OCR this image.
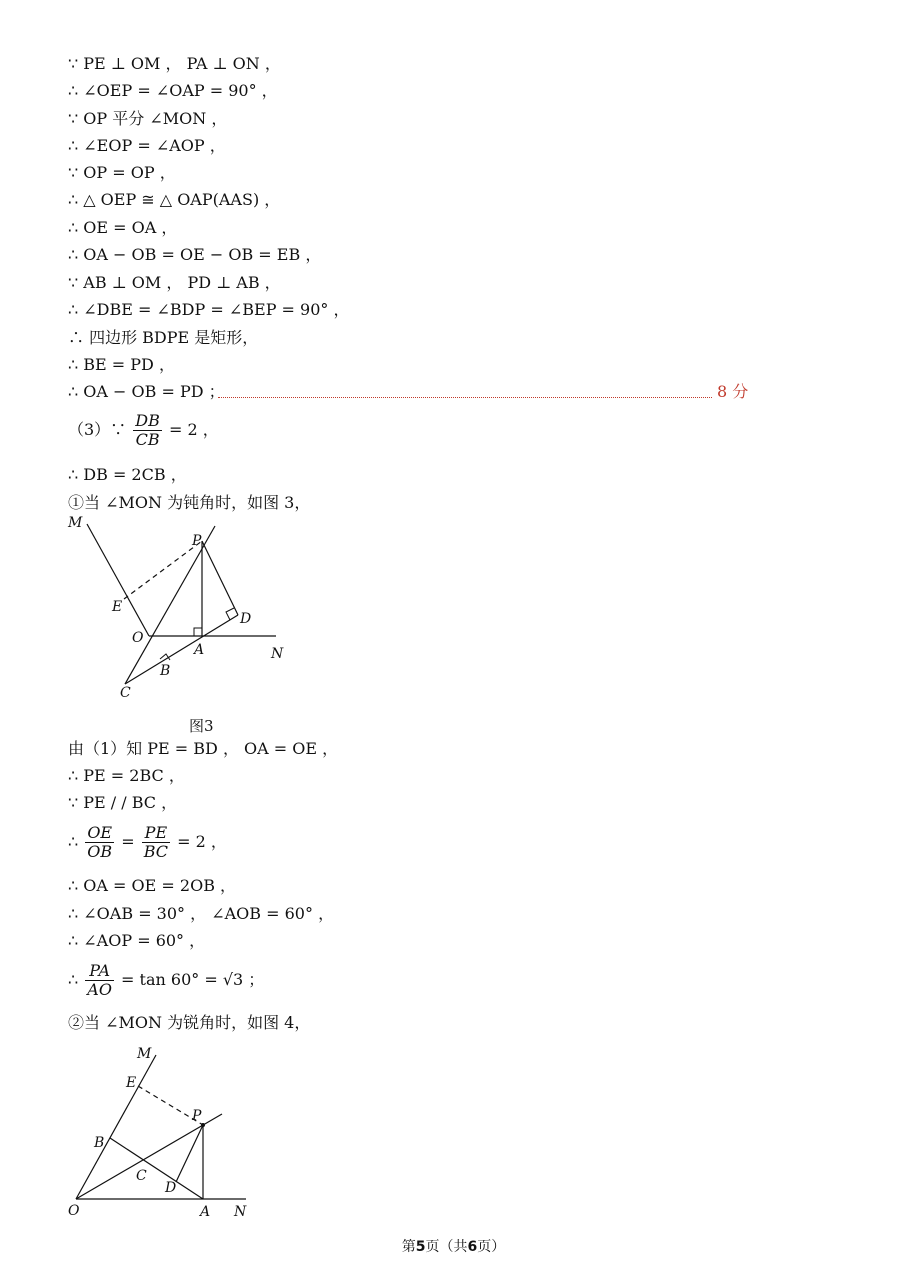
∵ PE ⊥ OM ， PA ⊥ ON ，
∴ ∠OEP = ∠OAP = 90° ，
∵ OP 平分 ∠MON ，
∴ ∠EOP = ∠AOP ，
∵ OP = OP ，
∴ △ OEP ≅ △ OAP(AAS) ，
∴ OE = OA ，
∴ OA − OB = OE − OB = EB ，
∵ AB ⊥ OM ， PD ⊥ AB ，
∴ ∠DBE = ∠BDP = ∠BEP = 90° ，
∴ 四边形 BDPE 是矩形，
∴ BE = PD ，
∴ OA − OB = PD ；	8 分
（3）∵ $\frac{DB}{CB} = 2$ ，
∴ DB = 2CB ，
①当 ∠MON 为钝角时，如图 3，
M
P
E
D
O
A	N
B
C
图3
由（1）知 PE = BD ， OA = OE ，
∴ PE = 2BC ，
∵ PE / / BC ，
∴ $\frac{OE}{OB} = \frac{PE}{BC} = 2$ ，
∴ OA = OE = 2OB ，
∴ ∠OAB = 30° ， ∠AOB = 60° ，
∴ ∠AOP = 60° ，
∴ $\frac{PA}{AO} = \tan 60^\circ = √3$ ；
②当 ∠MON 为锐角时，如图 4，
M
E
P
B
C
D
O	A N
第5页（共6页）
